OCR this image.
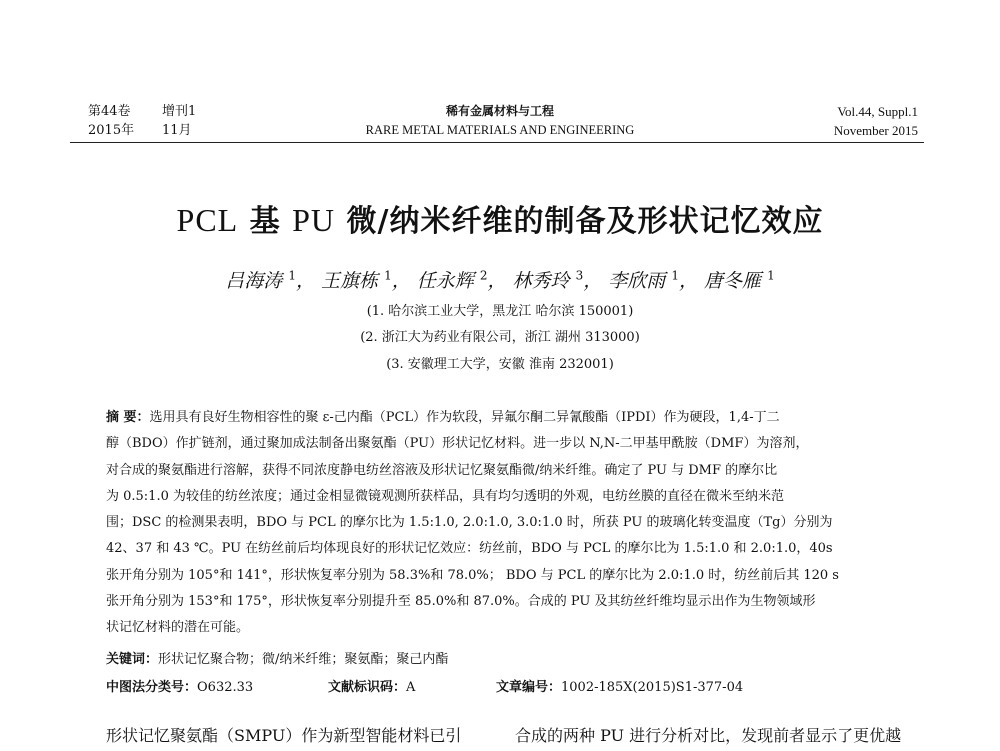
第44卷	增刊1
2015年	11月
稀有金属材料与工程
RARE METAL MATERIALS AND ENGINEERING
Vol.44, Suppl.1
November 2015
PCL 基 PU 微/纳米纤维的制备及形状记忆效应
吕海涛 $^1$， 王旗栋 $^1$， 任永辉 $^2$， 林秀玲 $^3$， 李欣雨 $^1$， 唐冬雁 $^1$
(1. 哈尔滨工业大学，黑龙江 哈尔滨 150001)
(2. 浙江大为药业有限公司，浙江 湖州 313000)
(3. 安徽理工大学，安徽 淮南 232001)
摘 要：选用具有良好生物相容性的聚 ε-己内酯（PCL）作为软段，异氟尔酮二异氰酸酯（IPDI）作为硬段，1,4-丁二
醇（BDO）作扩链剂，通过聚加成法制备出聚氨酯（PU）形状记忆材料。进一步以 N,N-二甲基甲酰胺（DMF）为溶剂，
对合成的聚氨酯进行溶解，获得不同浓度静电纺丝溶液及形状记忆聚氨酯微/纳米纤维。确定了 PU 与 DMF 的摩尔比
为 0.5:1.0 为较佳的纺丝浓度；通过金相显微镜观测所获样品，具有均匀透明的外观，电纺丝膜的直径在微米至纳米范
围；DSC 的检测果表明，BDO 与 PCL 的摩尔比为 1.5:1.0, 2.0:1.0, 3.0:1.0 时，所获 PU 的玻璃化转变温度（Tg）分别为
42、37 和 43 ℃。PU 在纺丝前后均体现良好的形状记忆效应：纺丝前，BDO 与 PCL 的摩尔比为 1.5:1.0 和 2.0:1.0，40s
张开角分别为 105°和 141°，形状恢复率分别为 58.3%和 78.0%； BDO 与 PCL 的摩尔比为 2.0:1.0 时，纺丝前后其 120 s
张开角分别为 153°和 175°，形状恢复率分别提升至 85.0%和 87.0%。合成的 PU 及其纺丝纤维均显示出作为生物领域形
状记忆材料的潜在可能。
关键词：形状记忆聚合物；微/纳米纤维；聚氨酯；聚己内酯
中图法分类号：O632.33	文献标识码：A	文章编号：1002-185X(2015)S1-377-04
形状记忆聚氨酯（SMPU）作为新型智能材料已引	合成的两种 PU 进行分析对比，发现前者显示了更优越
